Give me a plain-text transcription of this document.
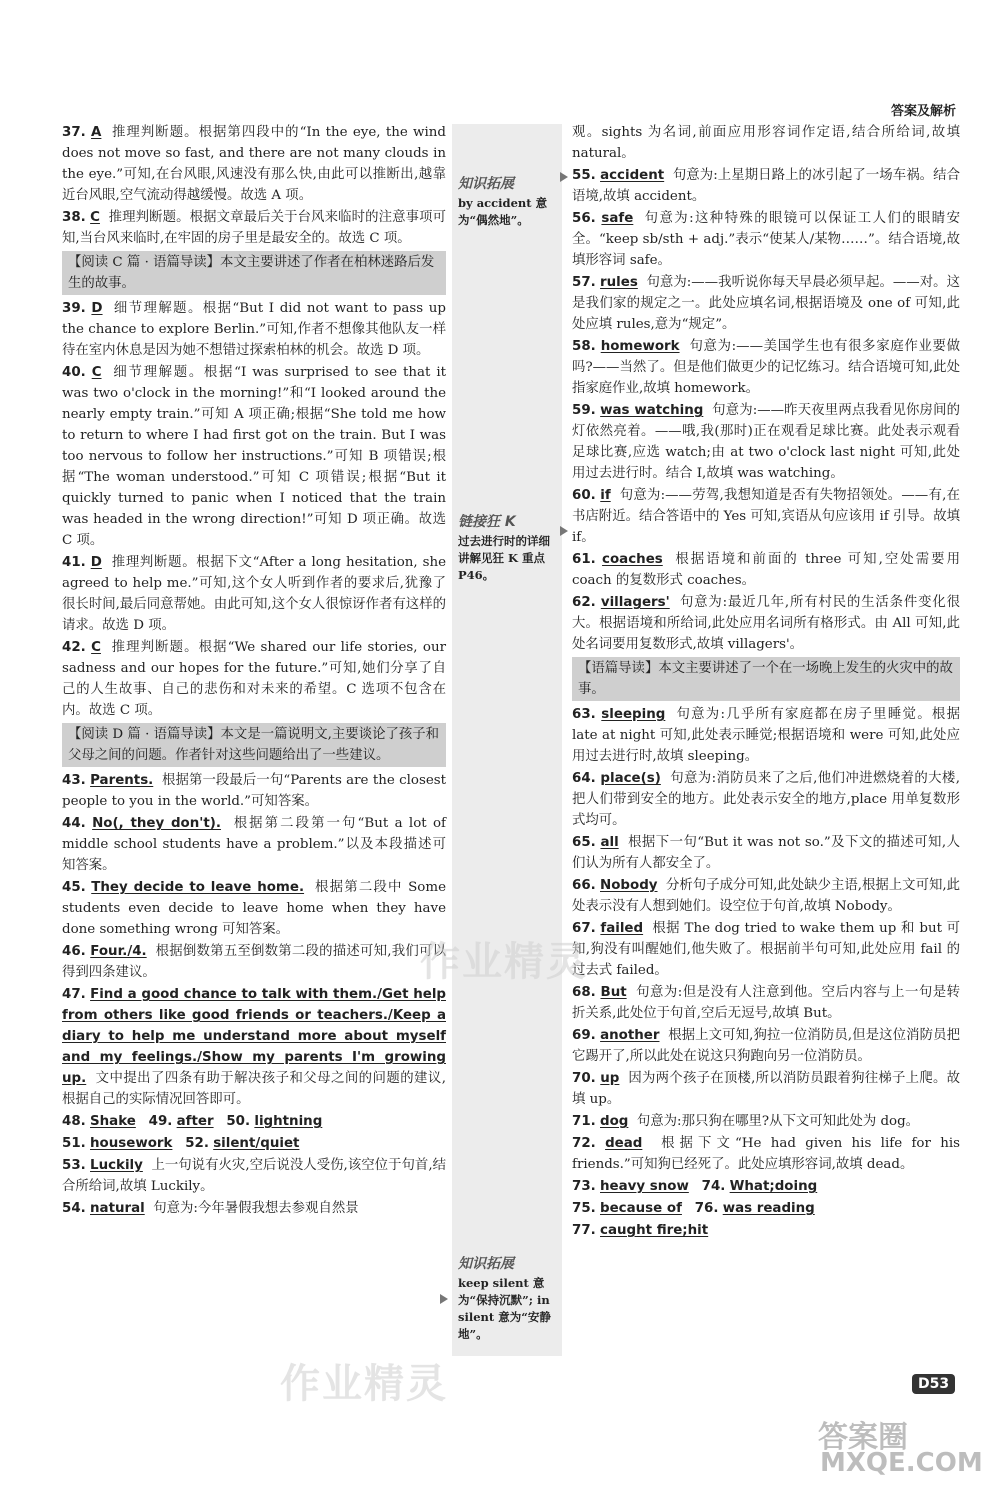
答案及解析
知识拓展
by accident 意为“偶然地”。
链接狂 K
过去进行时的详细讲解见狂 K 重点 P46。
知识拓展
keep silent 意为“保持沉默”; in silent 意为“安静地”。
37. A 推理判断题。根据第四段中的“In the eye, the wind does not move so fast, and there are not many clouds in the eye.”可知,在台风眼,风速没有那么快,由此可以推断出,越靠近台风眼,空气流动得越缓慢。故选 A 项。
38. C 推理判断题。根据文章最后关于台风来临时的注意事项可知,当台风来临时,在牢固的房子里是最安全的。故选 C 项。
【阅读 C 篇 · 语篇导读】本文主要讲述了作者在柏林迷路后发生的故事。
39. D 细节理解题。根据“But I did not want to pass up the chance to explore Berlin.”可知,作者不想像其他队友一样待在室内休息是因为她不想错过探索柏林的机会。故选 D 项。
40. C 细节理解题。根据“I was surprised to see that it was two o'clock in the morning!”和“I looked around the nearly empty train.”可知 A 项正确;根据“She told me how to return to where I had first got on the train. But I was too nervous to follow her instructions.”可知 B 项错误;根据“The woman understood.”可知 C 项错误;根据“But it quickly turned to panic when I noticed that the train was headed in the wrong direction!”可知 D 项正确。故选 C 项。
41. D 推理判断题。根据下文“After a long hesitation, she agreed to help me.”可知,这个女人听到作者的要求后,犹豫了很长时间,最后同意帮她。由此可知,这个女人很惊讶作者有这样的请求。故选 D 项。
42. C 推理判断题。根据“We shared our life stories, our sadness and our hopes for the future.”可知,她们分享了自己的人生故事、自己的悲伤和对未来的希望。C 选项不包含在内。故选 C 项。
【阅读 D 篇 · 语篇导读】本文是一篇说明文,主要谈论了孩子和父母之间的问题。作者针对这些问题给出了一些建议。
43. Parents. 根据第一段最后一句“Parents are the closest people to you in the world.”可知答案。
44. No(, they don't). 根据第二段第一句“But a lot of middle school students have a problem.”以及本段描述可知答案。
45. They decide to leave home. 根据第二段中 Some students even decide to leave home when they have done something wrong 可知答案。
46. Four./4. 根据倒数第五至倒数第二段的描述可知,我们可以得到四条建议。
47. Find a good chance to talk with them./Get help from others like good friends or teachers./Keep a diary to help me understand more about myself and my feelings./Show my parents I'm growing up. 文中提出了四条有助于解决孩子和父母之间的问题的建议,根据自己的实际情况回答即可。
48. Shake 49. after 50. lightning
51. housework 52. silent/quiet
53. Luckily 上一句说有火灾,空后说没人受伤,该空位于句首,结合所给词,故填 Luckily。
54. natural 句意为:今年暑假我想去参观自然景
观。sights 为名词,前面应用形容词作定语,结合所给词,故填 natural。
55. accident 句意为:上星期日路上的冰引起了一场车祸。结合语境,故填 accident。
56. safe 句意为:这种特殊的眼镜可以保证工人们的眼睛安全。“keep sb/sth + adj.”表示“使某人/某物……”。结合语境,故填形容词 safe。
57. rules 句意为:——我听说你每天早晨必须早起。——对。这是我们家的规定之一。此处应填名词,根据语境及 one of 可知,此处应填 rules,意为“规定”。
58. homework 句意为:——美国学生也有很多家庭作业要做吗?——当然了。但是他们做更少的记忆练习。结合语境可知,此处指家庭作业,故填 homework。
59. was watching 句意为:——昨天夜里两点我看见你房间的灯依然亮着。——哦,我(那时)正在观看足球比赛。此处表示观看足球比赛,应选 watch;由 at two o'clock last night 可知,此处用过去进行时。结合 I,故填 was watching。
60. if 句意为:——劳驾,我想知道是否有失物招领处。——有,在书店附近。结合答语中的 Yes 可知,宾语从句应该用 if 引导。故填 if。
61. coaches 根据语境和前面的 three 可知,空处需要用 coach 的复数形式 coaches。
62. villagers' 句意为:最近几年,所有村民的生活条件变化很大。根据语境和所给词,此处应用名词所有格形式。由 All 可知,此处名词要用复数形式,故填 villagers'。
【语篇导读】本文主要讲述了一个在一场晚上发生的火灾中的故事。
63. sleeping 句意为:几乎所有家庭都在房子里睡觉。根据 late at night 可知,此处表示睡觉;根据语境和 were 可知,此处应用过去进行时,故填 sleeping。
64. place(s) 句意为:消防员来了之后,他们冲进燃烧着的大楼,把人们带到安全的地方。此处表示安全的地方,place 用单复数形式均可。
65. all 根据下一句“But it was not so.”及下文的描述可知,人们认为所有人都安全了。
66. Nobody 分析句子成分可知,此处缺少主语,根据上文可知,此处表示没有人想到她们。设空位于句首,故填 Nobody。
67. failed 根据 The dog tried to wake them up 和 but 可知,狗没有叫醒她们,他失败了。根据前半句可知,此处应用 fail 的过去式 failed。
68. But 句意为:但是没有人注意到他。空后内容与上一句是转折关系,此处位于句首,空后无逗号,故填 But。
69. another 根据上文可知,狗拉一位消防员,但是这位消防员把它踢开了,所以此处在说这只狗跑向另一位消防员。
70. up 因为两个孩子在顶楼,所以消防员跟着狗往梯子上爬。故填 up。
71. dog 句意为:那只狗在哪里?从下文可知此处为 dog。
72. dead 根据下文“He had given his life for his friends.”可知狗已经死了。此处应填形容词,故填 dead。
73. heavy snow 74. What;doing
75. because of 76. was reading
77. caught fire;hit
作业精灵
作业精灵
答案圈
MXQE.COM
D53
